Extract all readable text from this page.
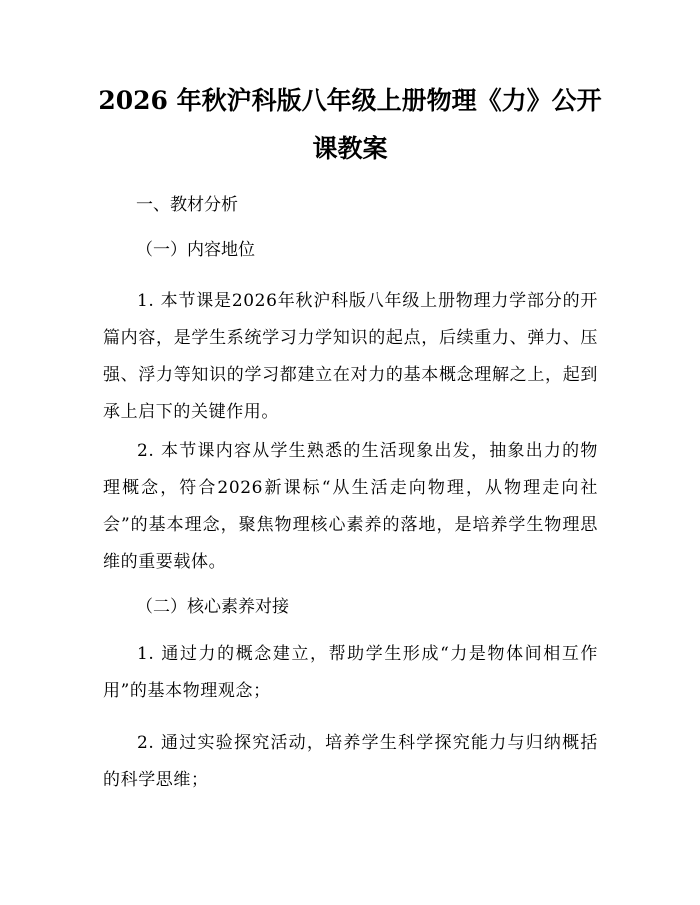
2026 年秋沪科版八年级上册物理《力》公开
课教案

一、教材分析

（一）内容地位

1. 本节课是2026年秋沪科版八年级上册物理力学部分的开篇内容，是学生系统学习力学知识的起点，后续重力、弹力、压强、浮力等知识的学习都建立在对力的基本概念理解之上，起到承上启下的关键作用。

2. 本节课内容从学生熟悉的生活现象出发，抽象出力的物理概念，符合2026新课标“从生活走向物理，从物理走向社会”的基本理念，聚焦物理核心素养的落地，是培养学生物理思维的重要载体。

（二）核心素养对接

1. 通过力的概念建立，帮助学生形成“力是物体间相互作用”的基本物理观念；

2. 通过实验探究活动，培养学生科学探究能力与归纳概括的科学思维；
